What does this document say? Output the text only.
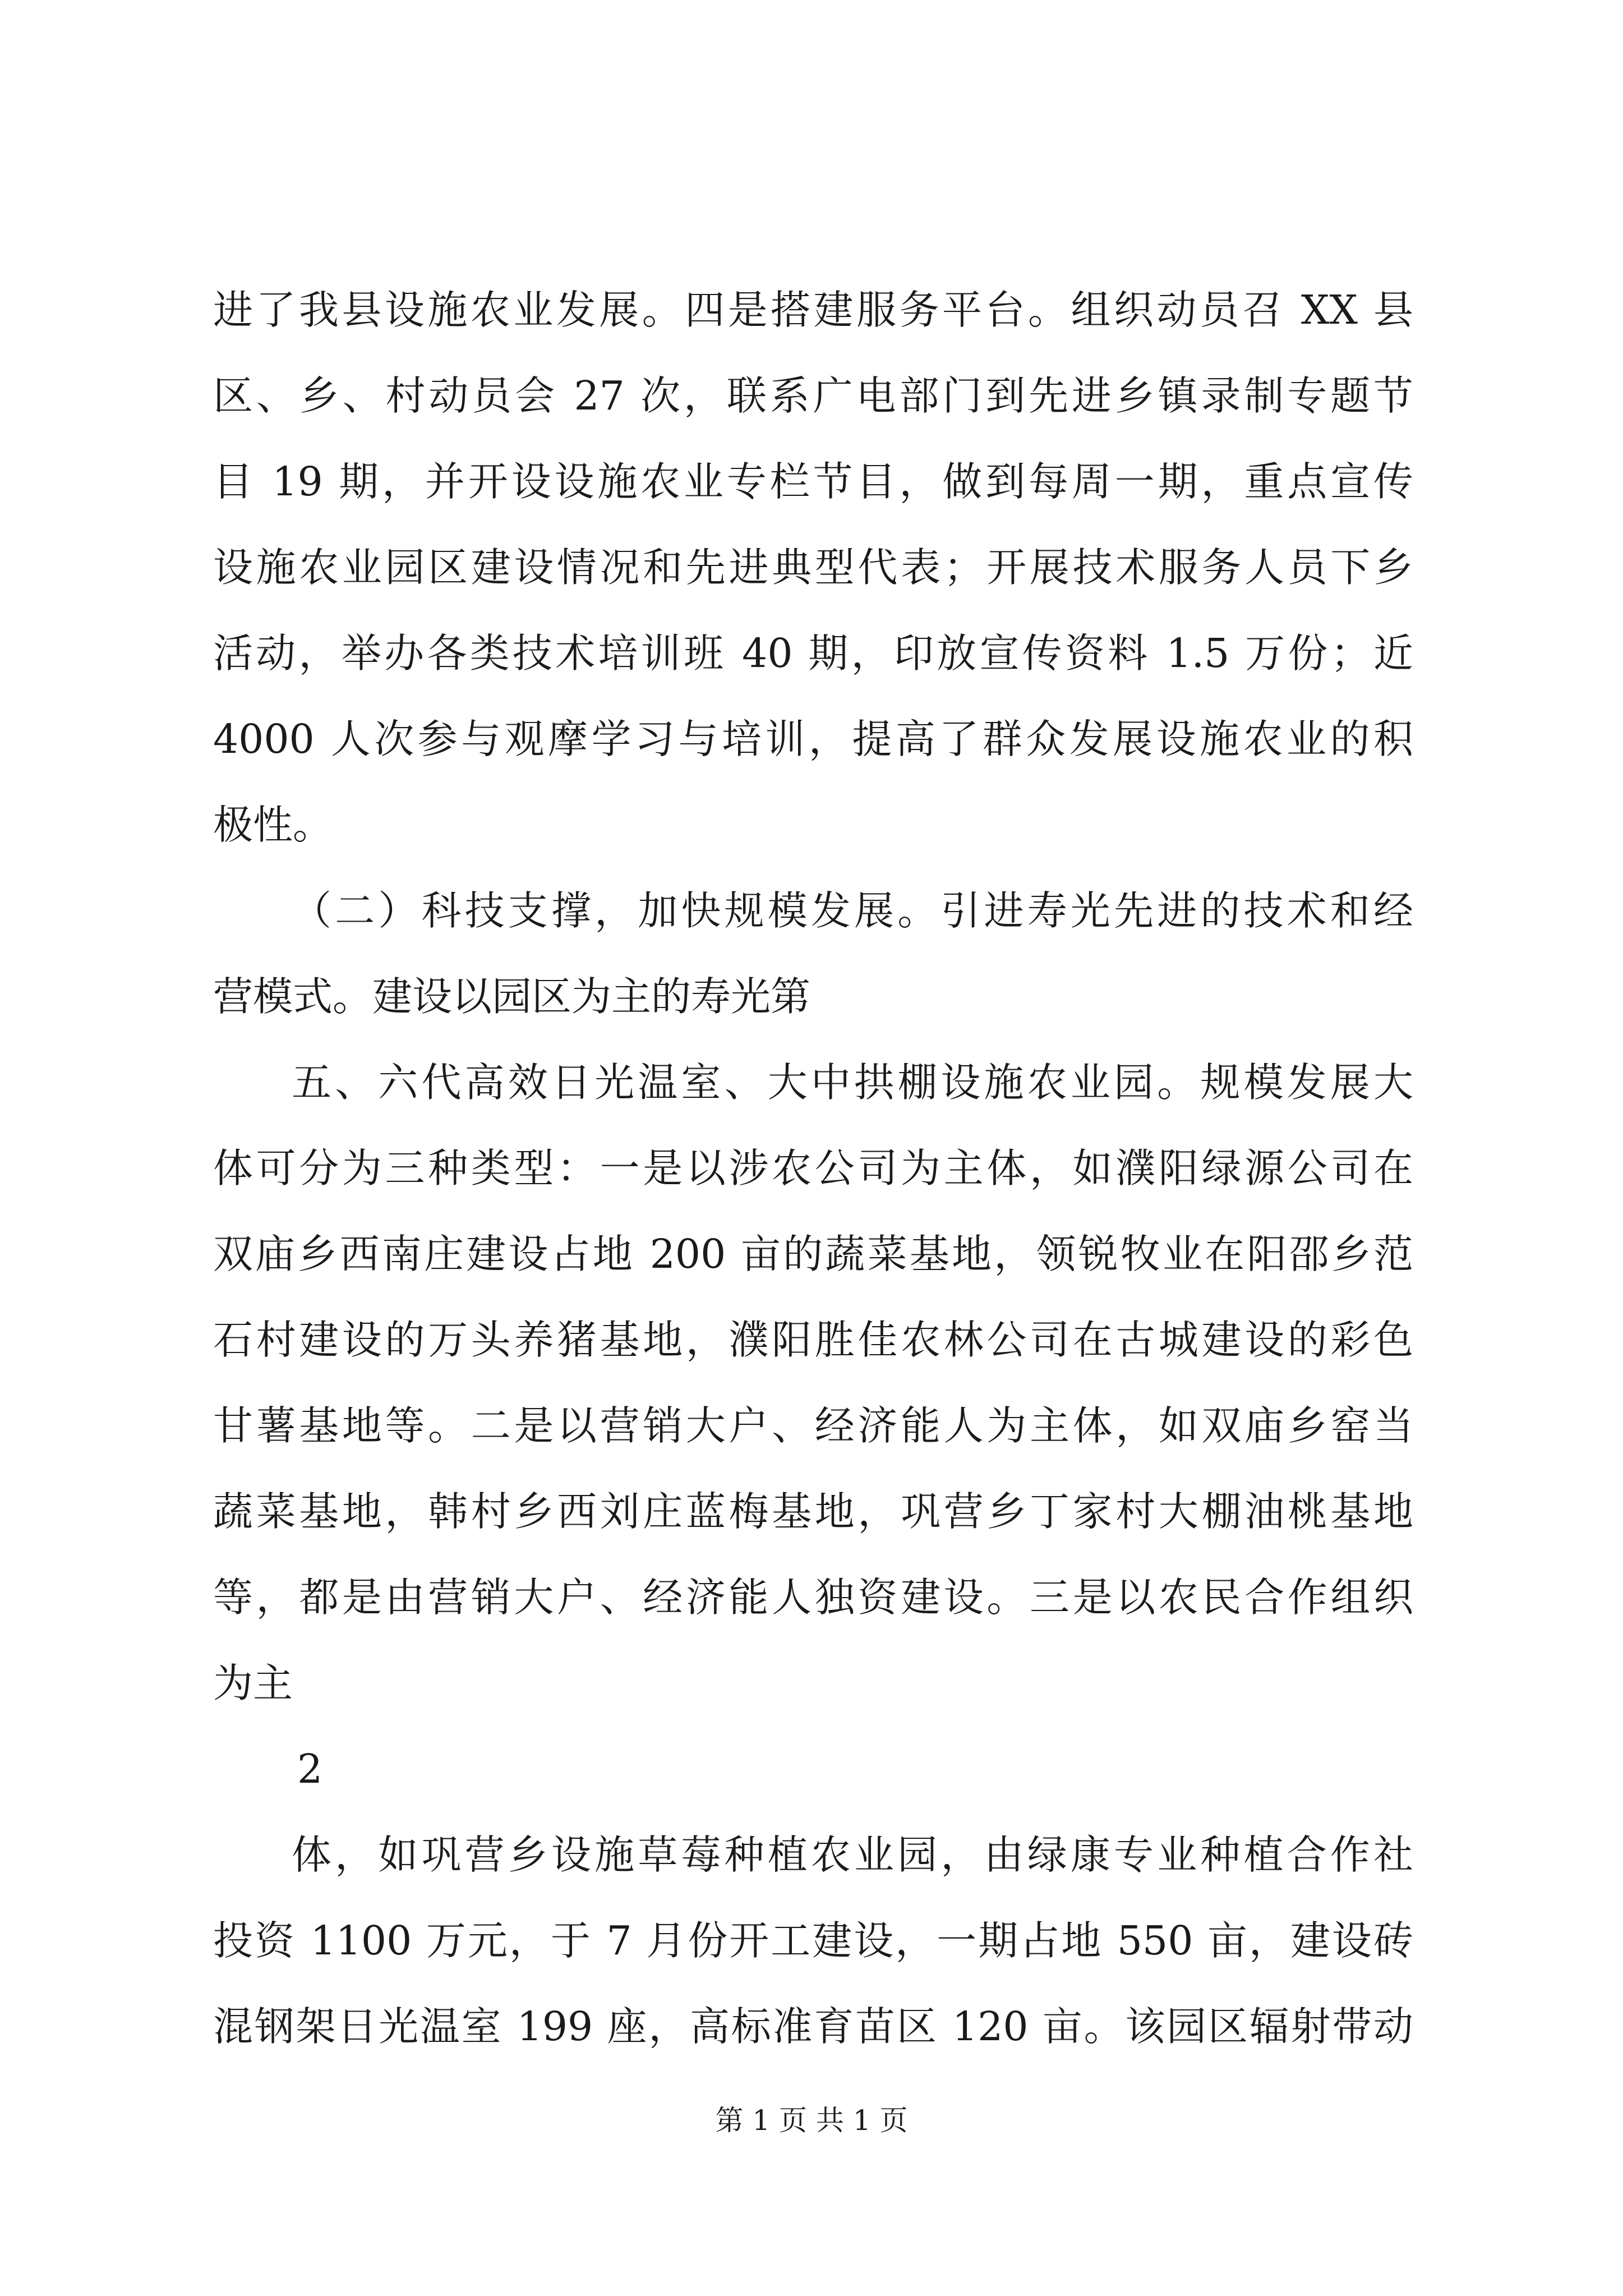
进了我县设施农业发展。四是搭建服务平台。组织动员召 XX 县
区、乡、村动员会 27 次，联系广电部门到先进乡镇录制专题节
目 19 期，并开设设施农业专栏节目，做到每周一期，重点宣传
设施农业园区建设情况和先进典型代表；开展技术服务人员下乡
活动，举办各类技术培训班 40 期，印放宣传资料 1.5 万份；近
4000 人次参与观摩学习与培训，提高了群众发展设施农业的积
极性。
（二）科技支撑，加快规模发展。引进寿光先进的技术和经
营模式。建设以园区为主的寿光第
五、六代高效日光温室、大中拱棚设施农业园。规模发展大
体可分为三种类型：一是以涉农公司为主体，如濮阳绿源公司在
双庙乡西南庄建设占地 200 亩的蔬菜基地，领锐牧业在阳邵乡范
石村建设的万头养猪基地，濮阳胜佳农林公司在古城建设的彩色
甘薯基地等。二是以营销大户、经济能人为主体，如双庙乡窑当
蔬菜基地，韩村乡西刘庄蓝梅基地，巩营乡丁家村大棚油桃基地
等，都是由营销大户、经济能人独资建设。三是以农民合作组织
为主
2
体，如巩营乡设施草莓种植农业园，由绿康专业种植合作社
投资 1100 万元，于 7 月份开工建设，一期占地 550 亩，建设砖
混钢架日光温室 199 座，高标准育苗区 120 亩。该园区辐射带动
第 1 页 共 1 页
